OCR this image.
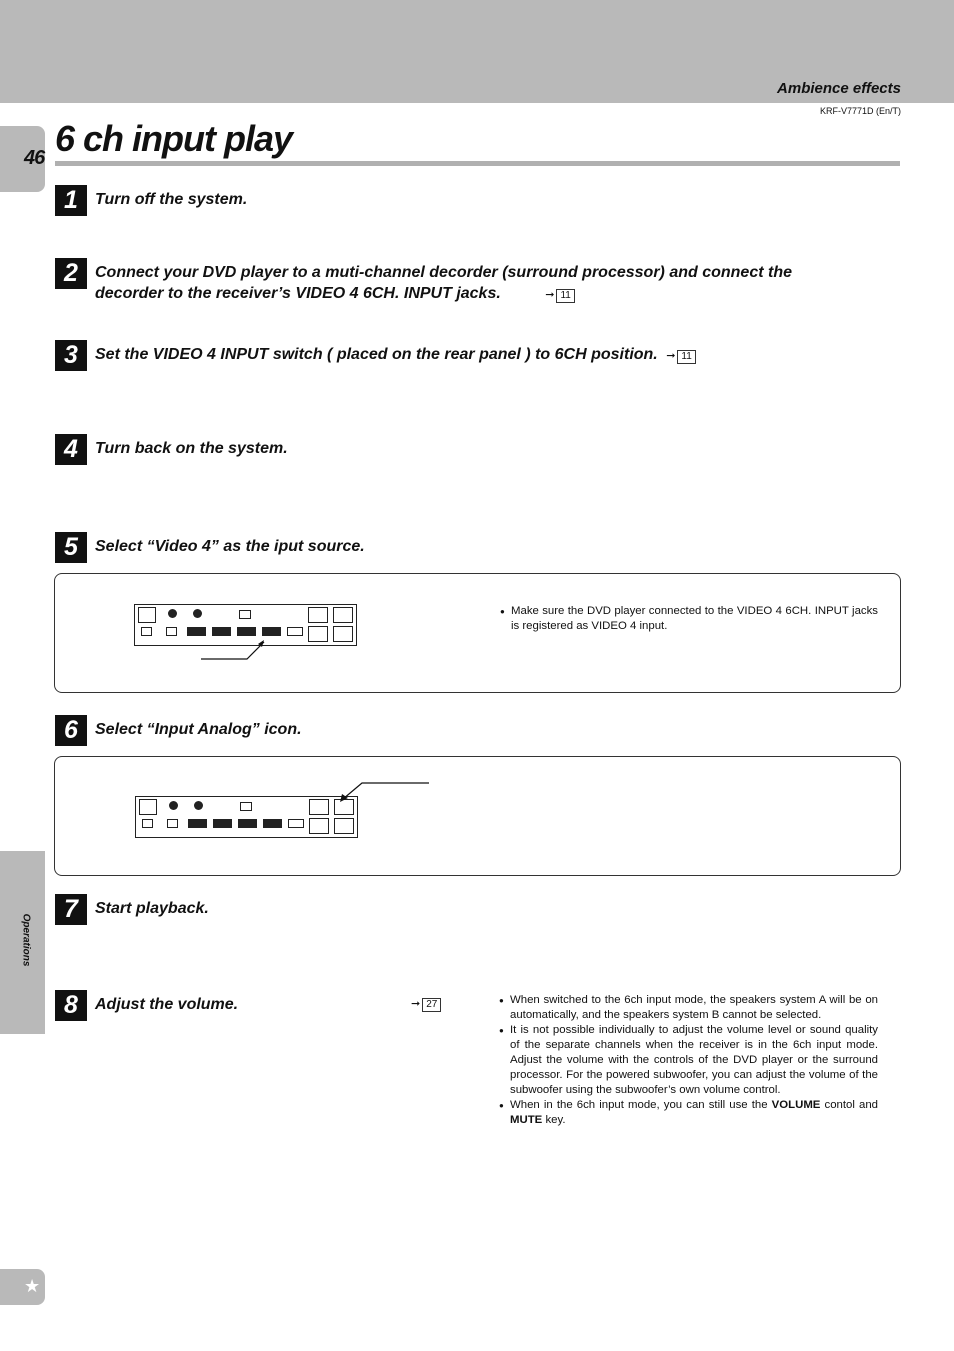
Ambience effects
KRF-V7771D (En/T)
46 6 ch input play
Operations
★
1	Turn off the system.
2	Connect your DVD player to a muti-channel decorder (surround processor) and connect the
decorder to the receiver’s VIDEO 4 6CH. INPUT jacks.	➞ 11
3	Set the VIDEO 4 INPUT switch ( placed on the rear panel ) to 6CH position. ➞ 11
4	Turn back on the system.
5	Select “Video 4” as the iput source.
● Make sure the DVD player connected to the VIDEO 4 6CH. INPUT jacks is registered as VIDEO 4 input.
6	Select “Input Analog” icon.
7	Start playback.
8	Adjust the volume.	➞ 27
●	When switched to the 6ch input mode, the speakers system A will be on automatically, and the speakers system B cannot be selected.
● It is not possible individually to adjust the volume level or sound quality of the separate channels when the receiver is in the 6ch input mode. Adjust the volume with the controls of the DVD player or the surround processor. For the powered subwoofer, you can adjust the volume of the subwoofer using the subwoofer’s own volume control.
● When in the 6ch input mode, you can still use the VOLUME contol and MUTE key.
